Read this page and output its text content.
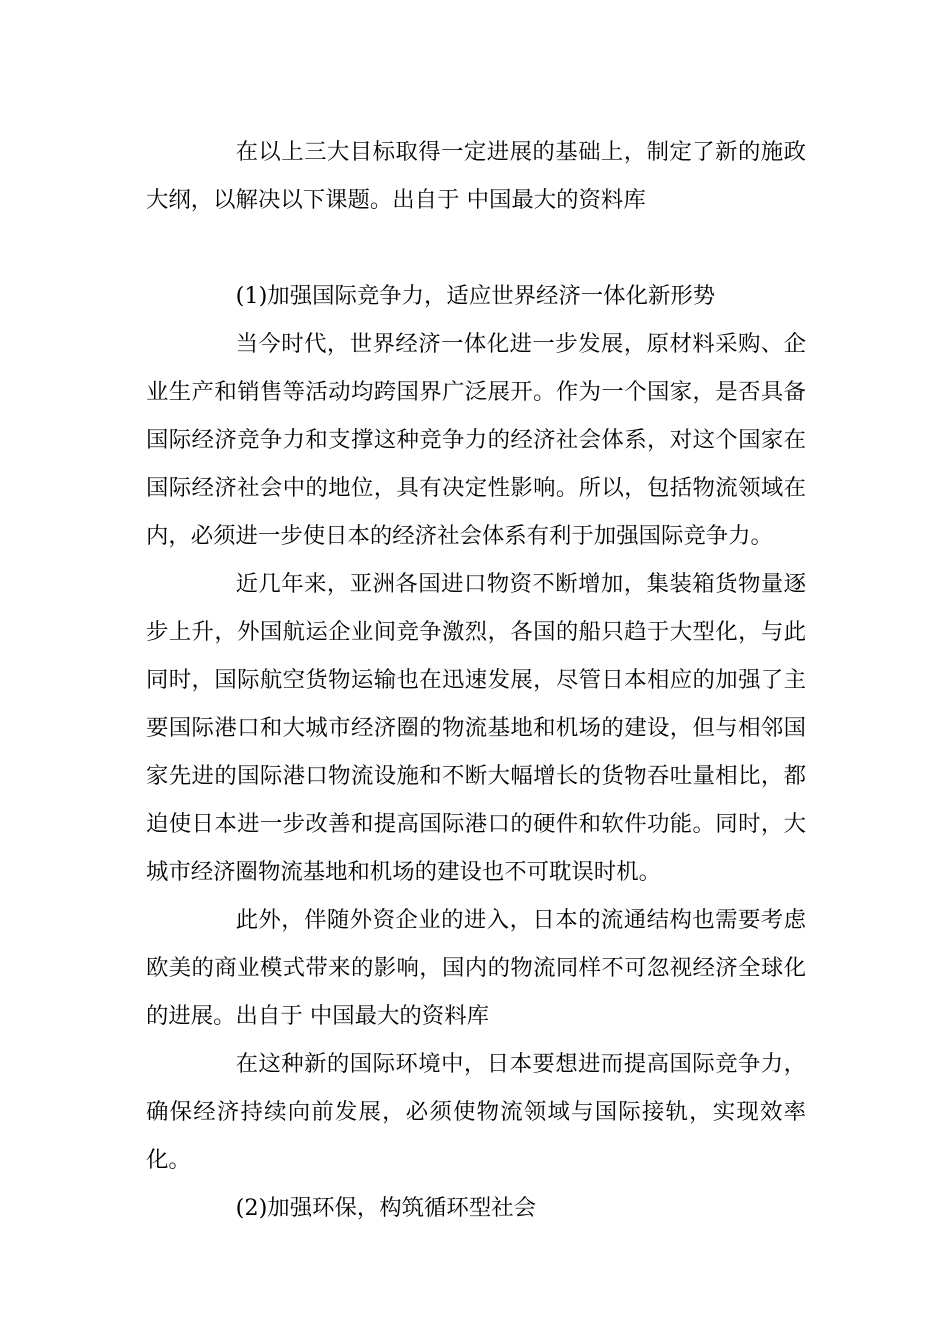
在以上三大目标取得一定进展的基础上，制定了新的施政大纲，以解决以下课题。出自于 中国最大的资料库

(1)加强国际竞争力，适应世界经济一体化新形势

当今时代，世界经济一体化进一步发展，原材料采购、企业生产和销售等活动均跨国界广泛展开。作为一个国家，是否具备国际经济竞争力和支撑这种竞争力的经济社会体系，对这个国家在国际经济社会中的地位，具有决定性影响。所以，包括物流领域在内，必须进一步使日本的经济社会体系有利于加强国际竞争力。

近几年来，亚洲各国进口物资不断增加，集装箱货物量逐步上升，外国航运企业间竞争激烈，各国的船只趋于大型化，与此同时，国际航空货物运输也在迅速发展，尽管日本相应的加强了主要国际港口和大城市经济圈的物流基地和机场的建设，但与相邻国家先进的国际港口物流设施和不断大幅增长的货物吞吐量相比，都迫使日本进一步改善和提高国际港口的硬件和软件功能。同时，大城市经济圈物流基地和机场的建设也不可耽误时机。

此外，伴随外资企业的进入，日本的流通结构也需要考虑欧美的商业模式带来的影响，国内的物流同样不可忽视经济全球化的进展。出自于 中国最大的资料库

在这种新的国际环境中，日本要想进而提高国际竞争力，确保经济持续向前发展，必须使物流领域与国际接轨，实现效率化。

(2)加强环保，构筑循环型社会
